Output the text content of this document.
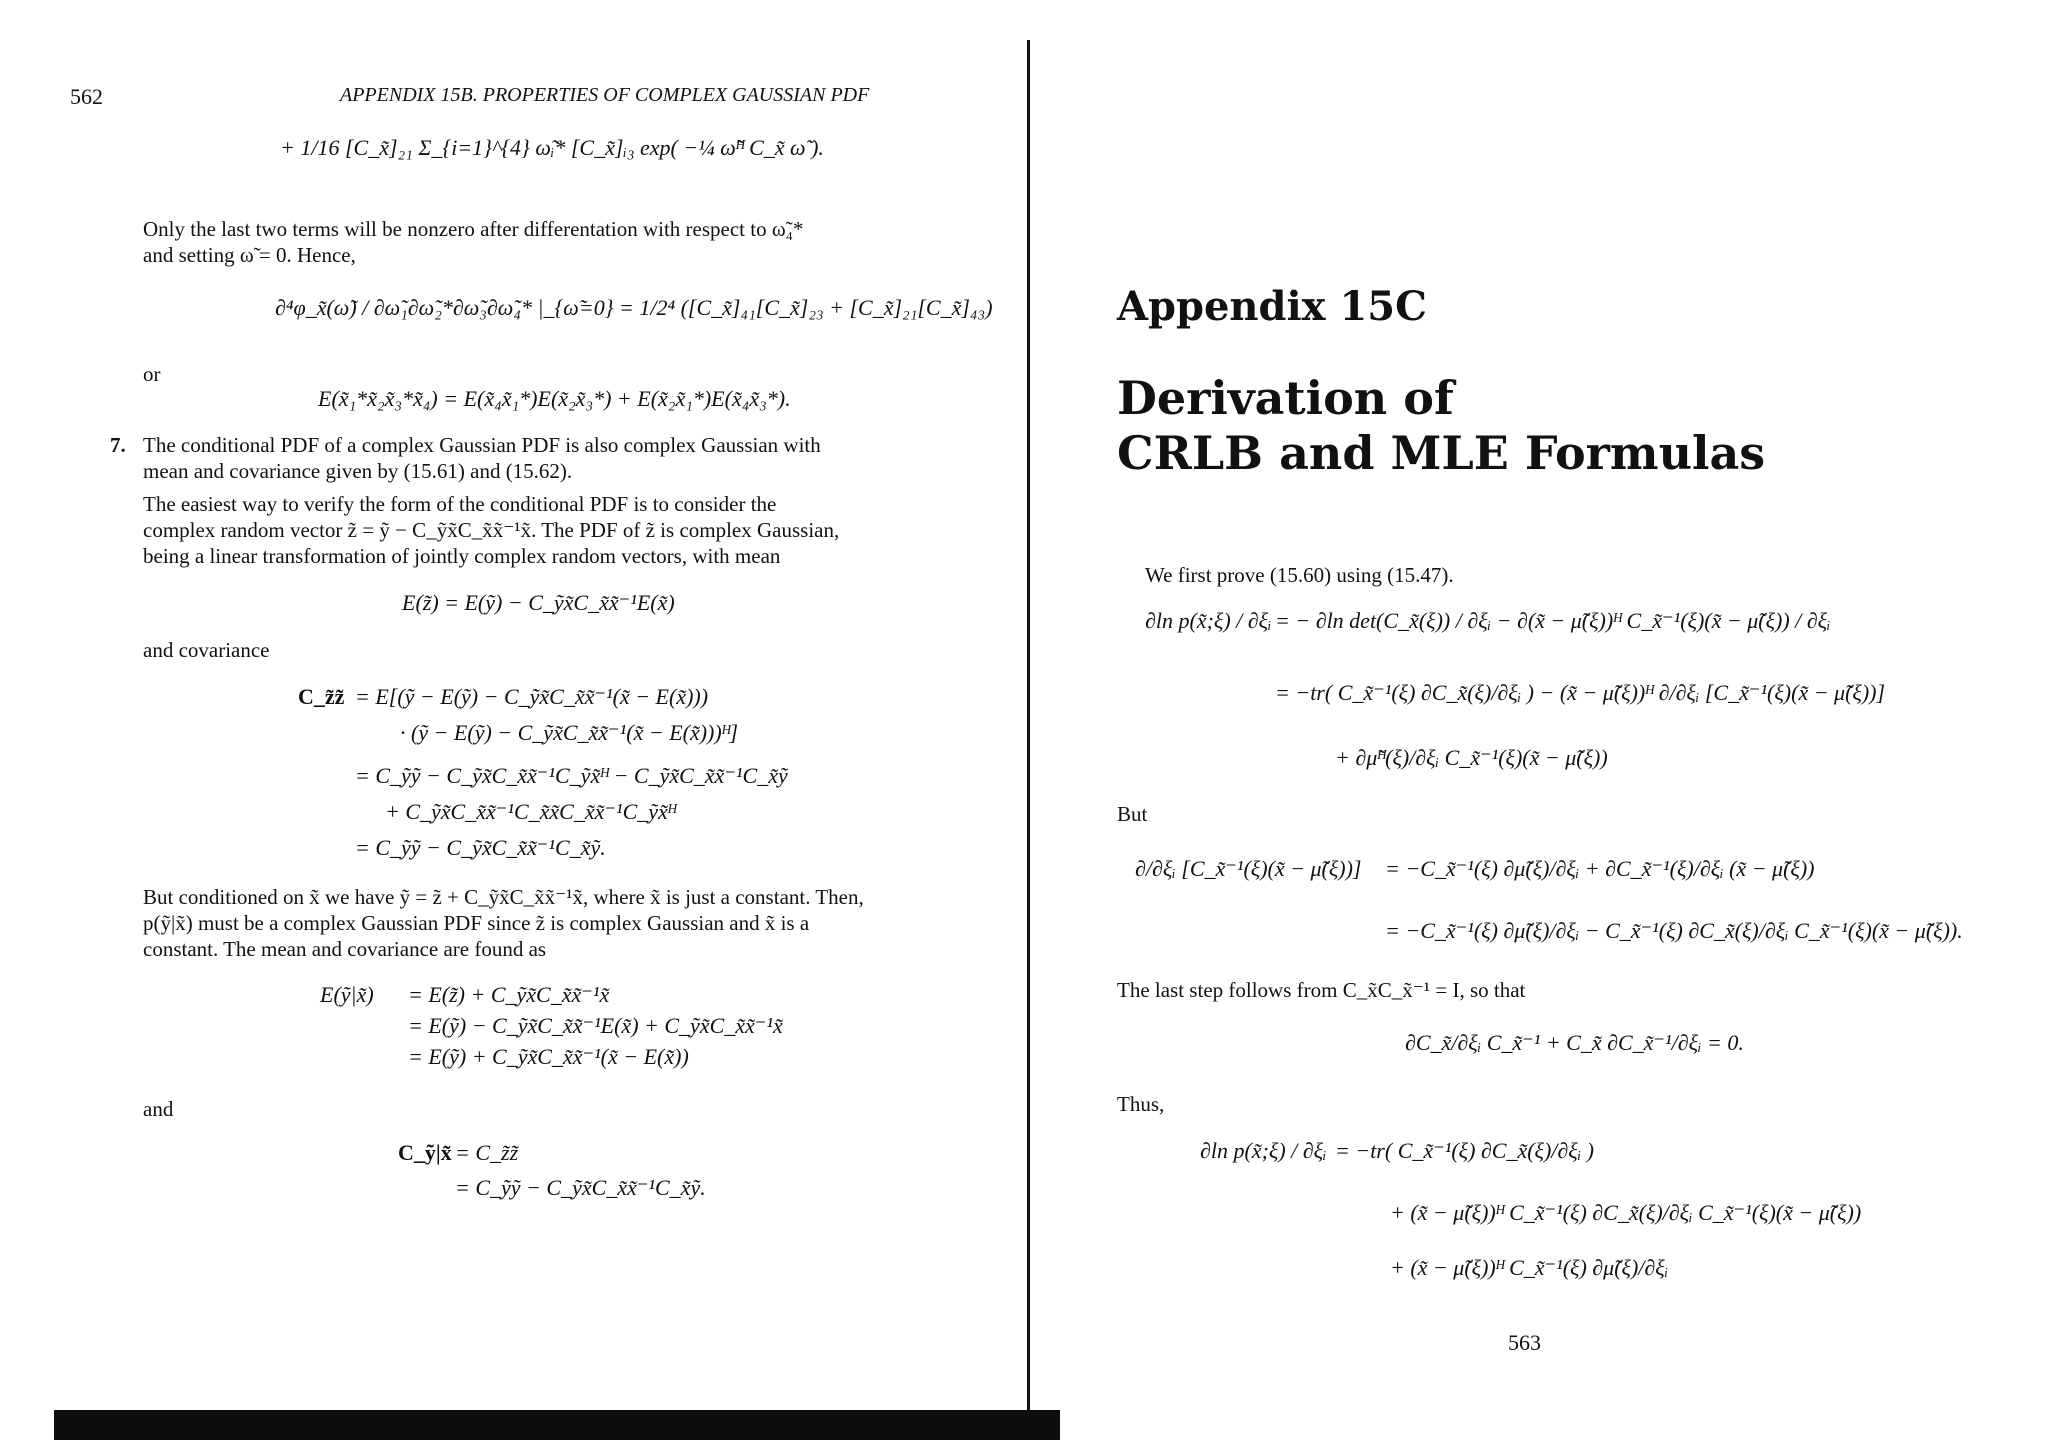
562	APPENDIX 15B. PROPERTIES OF COMPLEX GAUSSIAN PDF
+ 1/16 [C_x̃]₂₁ Σ_{i=1}^{4} ω̃ᵢ* [C_x̃]ᵢ₃ exp( −¼ ω̃ᴴ C_x̃ ω̃ ).
Only the last two terms will be nonzero after differentation with respect to ω̃₄*
and setting ω̃ = 0. Hence,
∂⁴φ_x̃(ω̃) / ∂ω̃₁∂ω̃₂*∂ω̃₃∂ω̃₄* |_{ω̃=0} = 1/2⁴ ([C_x̃]₄₁[C_x̃]₂₃ + [C_x̃]₂₁[C_x̃]₄₃)
or
E(x̃₁*x̃₂x̃₃*x̃₄) = E(x̃₄x̃₁*)E(x̃₂x̃₃*) + E(x̃₂x̃₁*)E(x̃₄x̃₃*).
7. The conditional PDF of a complex Gaussian PDF is also complex Gaussian with
mean and covariance given by (15.61) and (15.62).
The easiest way to verify the form of the conditional PDF is to consider the
complex random vector z̃ = ỹ − C_ỹx̃C_x̃x̃⁻¹x̃. The PDF of z̃ is complex Gaussian,
being a linear transformation of jointly complex random vectors, with mean
E(z̃) = E(ỹ) − C_ỹx̃C_x̃x̃⁻¹E(x̃)
and covariance
C_z̃z̃ = E[(ỹ − E(ỹ) − C_ỹx̃C_x̃x̃⁻¹(x̃ − E(x̃)))
· (ỹ − E(ỹ) − C_ỹx̃C_x̃x̃⁻¹(x̃ − E(x̃)))ᴴ]
= C_ỹỹ − C_ỹx̃C_x̃x̃⁻¹C_ỹx̃ᴴ − C_ỹx̃C_x̃x̃⁻¹C_x̃ỹ
+ C_ỹx̃C_x̃x̃⁻¹C_x̃x̃C_x̃x̃⁻¹C_ỹx̃ᴴ
= C_ỹỹ − C_ỹx̃C_x̃x̃⁻¹C_x̃ỹ.
But conditioned on x̃ we have ỹ = z̃ + C_ỹx̃C_x̃x̃⁻¹x̃, where x̃ is just a constant. Then,
p(ỹ|x̃) must be a complex Gaussian PDF since z̃ is complex Gaussian and x̃ is a
constant. The mean and covariance are found as
E(ỹ|x̃) = E(z̃) + C_ỹx̃C_x̃x̃⁻¹x̃
= E(ỹ) − C_ỹx̃C_x̃x̃⁻¹E(x̃) + C_ỹx̃C_x̃x̃⁻¹x̃
= E(ỹ) + C_ỹx̃C_x̃x̃⁻¹(x̃ − E(x̃))
and
C_ỹ|x̃ = C_z̃z̃
= C_ỹỹ − C_ỹx̃C_x̃x̃⁻¹C_x̃ỹ.
Appendix 15C
Derivation of
CRLB and MLE Formulas
We first prove (15.60) using (15.47).
∂ln p(x̃;ξ) / ∂ξᵢ = − ∂ln det(C_x̃(ξ)) / ∂ξᵢ − ∂(x̃ − μ̃(ξ))ᴴ C_x̃⁻¹(ξ)(x̃ − μ̃(ξ)) / ∂ξᵢ
= −tr( C_x̃⁻¹(ξ) ∂C_x̃(ξ)/∂ξᵢ ) − (x̃ − μ̃(ξ))ᴴ ∂/∂ξᵢ [C_x̃⁻¹(ξ)(x̃ − μ̃(ξ))]
+ ∂μ̃ᴴ(ξ)/∂ξᵢ C_x̃⁻¹(ξ)(x̃ − μ̃(ξ))
But
∂/∂ξᵢ [C_x̃⁻¹(ξ)(x̃ − μ̃(ξ))] = −C_x̃⁻¹(ξ) ∂μ̃(ξ)/∂ξᵢ + ∂C_x̃⁻¹(ξ)/∂ξᵢ (x̃ − μ̃(ξ))
= −C_x̃⁻¹(ξ) ∂μ̃(ξ)/∂ξᵢ − C_x̃⁻¹(ξ) ∂C_x̃(ξ)/∂ξᵢ C_x̃⁻¹(ξ)(x̃ − μ̃(ξ)).
The last step follows from C_x̃C_x̃⁻¹ = I, so that
∂C_x̃/∂ξᵢ C_x̃⁻¹ + C_x̃ ∂C_x̃⁻¹/∂ξᵢ = 0.
Thus,
∂ln p(x̃;ξ) / ∂ξᵢ = −tr( C_x̃⁻¹(ξ) ∂C_x̃(ξ)/∂ξᵢ )
+ (x̃ − μ̃(ξ))ᴴ C_x̃⁻¹(ξ) ∂C_x̃(ξ)/∂ξᵢ C_x̃⁻¹(ξ)(x̃ − μ̃(ξ))
+ (x̃ − μ̃(ξ))ᴴ C_x̃⁻¹(ξ) ∂μ̃(ξ)/∂ξᵢ
563
